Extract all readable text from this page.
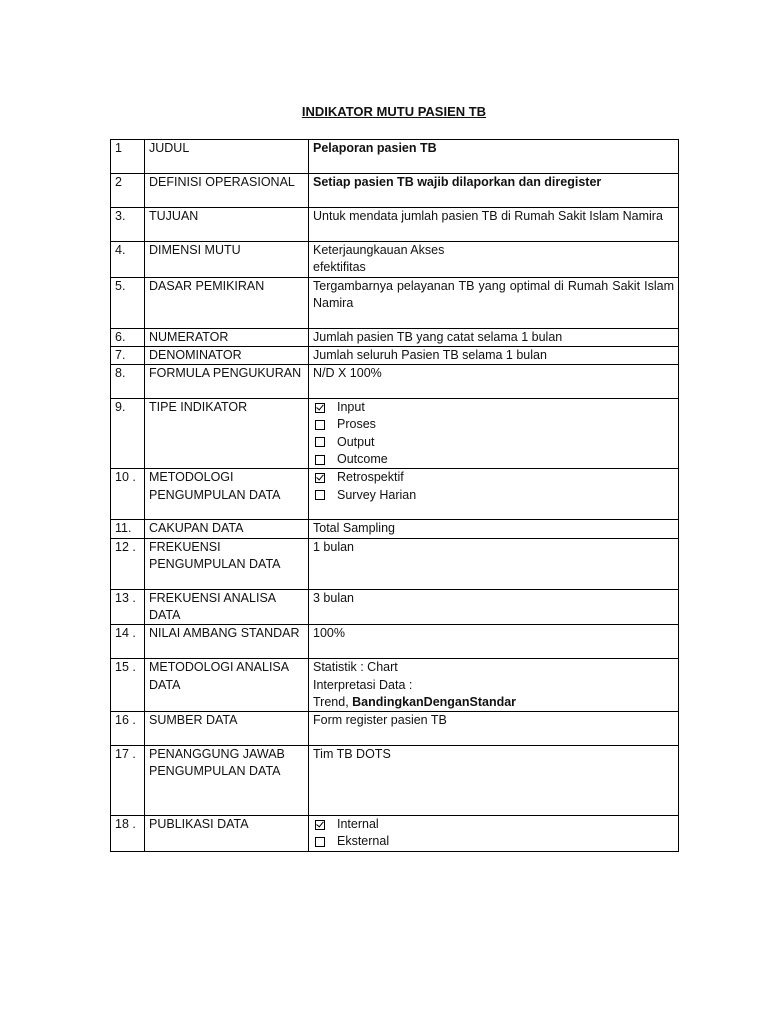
INDIKATOR MUTU PASIEN TB
1	JUDUL	Pelaporan pasien TB
2	DEFINISI OPERASIONAL	Setiap pasien TB wajib dilaporkan dan diregister
3.	TUJUAN	Untuk mendata jumlah pasien TB di Rumah Sakit Islam Namira
4.	DIMENSI MUTU	Keterjaungkauan Akses
efektifitas

5.	DASAR PEMIKIRAN	Tergambarnya pelayanan TB yang optimal di Rumah Sakit Islam Namira
6.	NUMERATOR	Jumlah pasien TB yang catat selama 1 bulan
7.	DENOMINATOR	Jumlah seluruh Pasien TB selama 1 bulan
8.	FORMULA PENGUKURAN	N/D X 100%
9.	TIPE INDIKATOR	Input
Proses
Output
Outcome

10 .	METODOLOGI PENGUMPULAN DATA	Retrospektif
Survey Harian

11.	CAKUPAN DATA	Total Sampling
12 .	FREKUENSI PENGUMPULAN DATA	1 bulan
13 .	FREKUENSI ANALISA DATA	3 bulan
14 .	NILAI AMBANG STANDAR	100%
15 .	METODOLOGI ANALISA DATA	Statistik : Chart
Interpretasi Data :
Trend, BandingkanDenganStandar

16 .	SUMBER DATA	Form register pasien TB
17 .	PENANGGUNG JAWAB PENGUMPULAN DATA	Tim TB DOTS
18 .	PUBLIKASI DATA	Internal
Eksternal
